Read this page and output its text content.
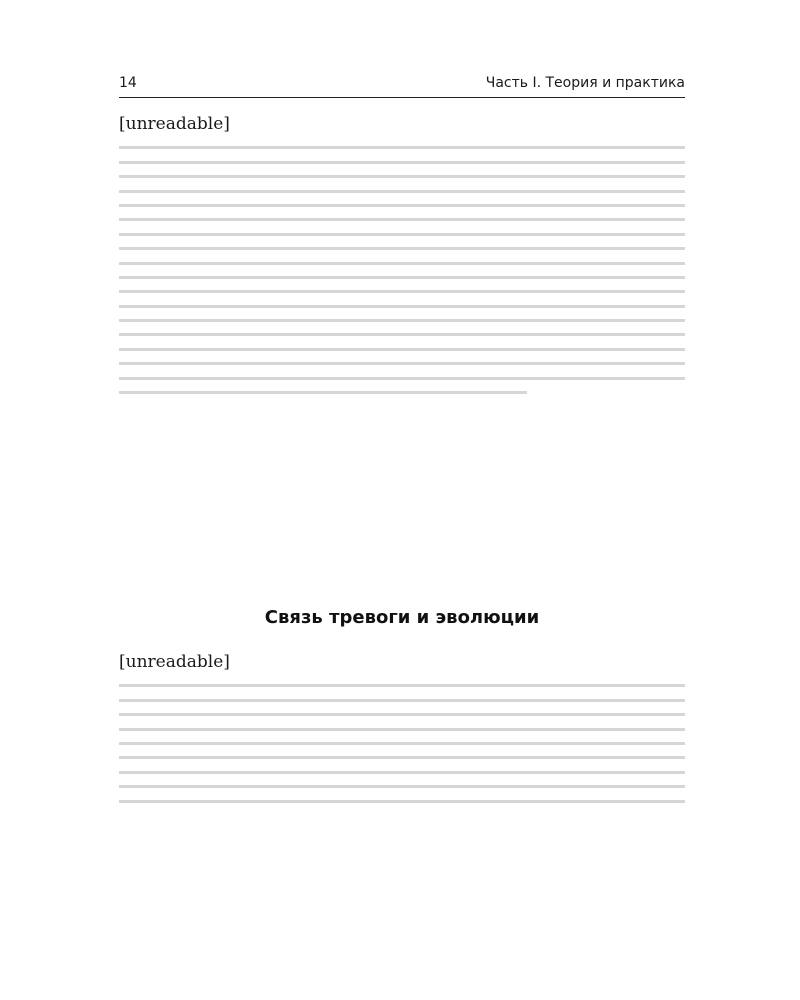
14	Часть I. Теория и практика
[unreadable]
Связь тревоги и эволюции
[unreadable]
